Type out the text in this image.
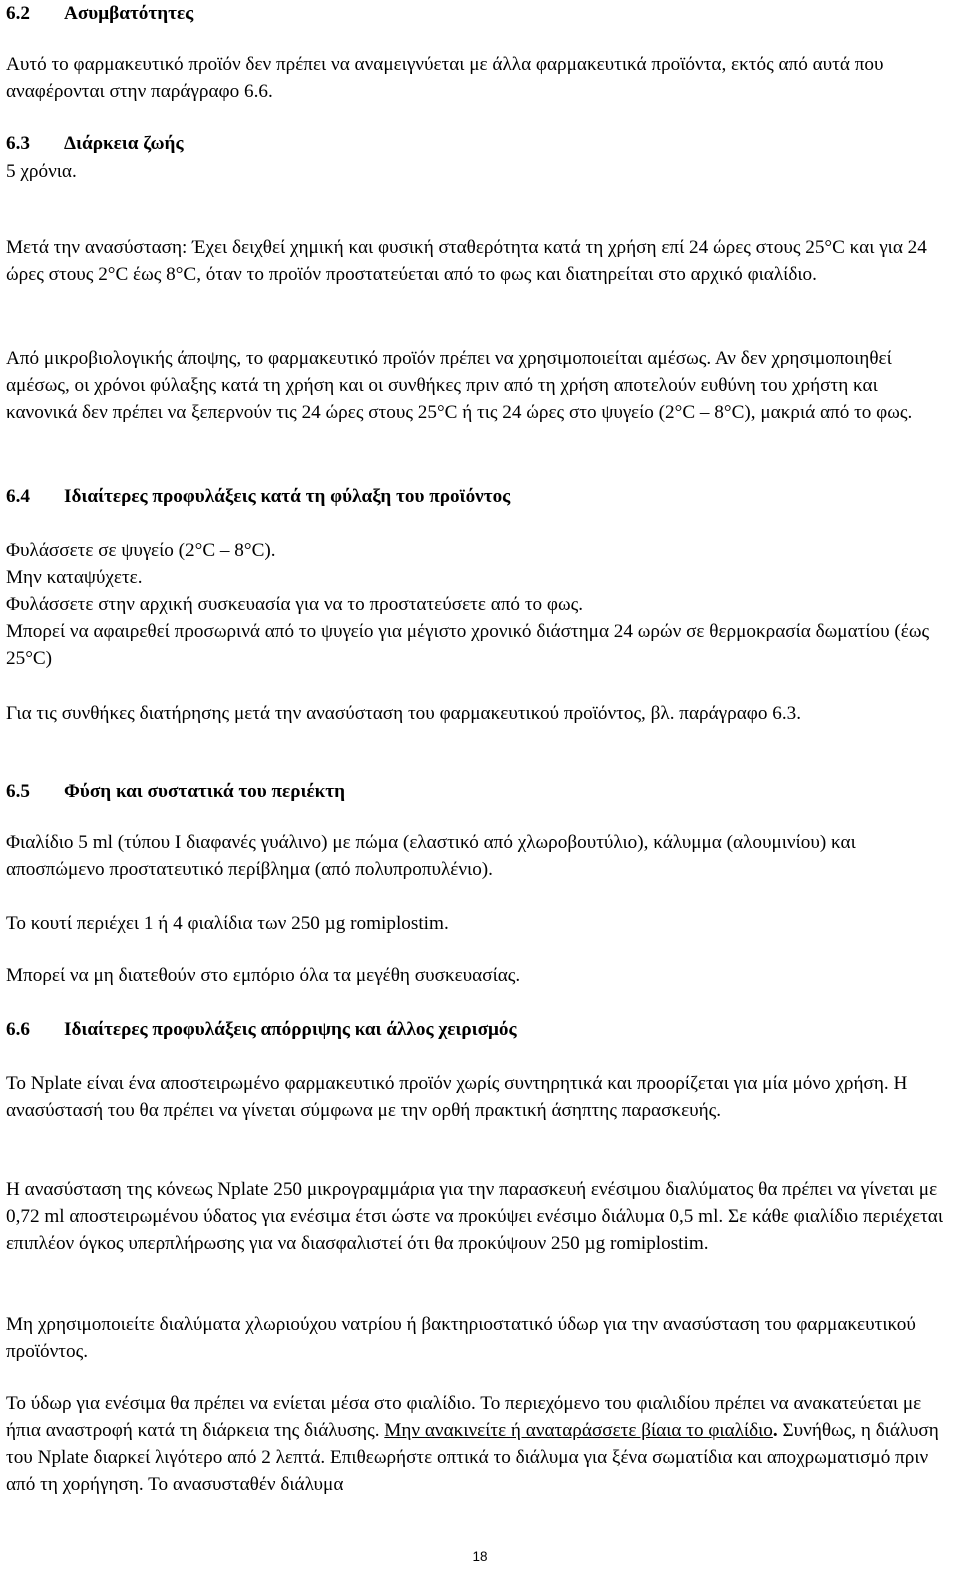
6.2 Ασυμβατότητες

Αυτό το φαρμακευτικό προϊόν δεν πρέπει να αναμειγνύεται με άλλα φαρμακευτικά προϊόντα, εκτός από αυτά που αναφέρονται στην παράγραφο 6.6.

6.3 Διάρκεια ζωής

5 χρόνια.

Μετά την ανασύσταση: Έχει δειχθεί χημική και φυσική σταθερότητα κατά τη χρήση επί 24 ώρες στους 25°C και για 24 ώρες στους 2°C έως 8°C, όταν το προϊόν προστατεύεται από το φως και διατηρείται στο αρχικό φιαλίδιο.

Από μικροβιολογικής άποψης, το φαρμακευτικό προϊόν πρέπει να χρησιμοποιείται αμέσως. Αν δεν χρησιμοποιηθεί αμέσως, οι χρόνοι φύλαξης κατά τη χρήση και οι συνθήκες πριν από τη χρήση αποτελούν ευθύνη του χρήστη και κανονικά δεν πρέπει να ξεπερνούν τις 24 ώρες στους 25°C ή τις 24 ώρες στο ψυγείο (2°C – 8°C), μακριά από το φως.

6.4 Ιδιαίτερες προφυλάξεις κατά τη φύλαξη του προϊόντος

Φυλάσσετε σε ψυγείο (2°C – 8°C).

Μην καταψύχετε.

Φυλάσσετε στην αρχική συσκευασία για να το προστατεύσετε από το φως.

Μπορεί να αφαιρεθεί προσωρινά από το ψυγείο για μέγιστο χρονικό διάστημα 24 ωρών σε θερμοκρασία δωματίου (έως 25°C)

Για τις συνθήκες διατήρησης μετά την ανασύσταση του φαρμακευτικού προϊόντος, βλ. παράγραφο 6.3.

6.5 Φύση και συστατικά του περιέκτη

Φιαλίδιο 5 ml (τύπου I διαφανές γυάλινο) με πώμα (ελαστικό από χλωροβουτύλιο), κάλυμμα (αλουμινίου) και αποσπώμενο προστατευτικό περίβλημα (από πολυπροπυλένιο).

Το κουτί περιέχει 1 ή 4 φιαλίδια των 250 µg romiplostim.

Μπορεί να μη διατεθούν στο εμπόριο όλα τα μεγέθη συσκευασίας.

6.6 Ιδιαίτερες προφυλάξεις απόρριψης και άλλος χειρισμός

Το Nplate είναι ένα αποστειρωμένο φαρμακευτικό προϊόν χωρίς συντηρητικά και προορίζεται για μία μόνο χρήση. Η ανασύστασή του θα πρέπει να γίνεται σύμφωνα με την ορθή πρακτική άσηπτης παρασκευής.

Η ανασύσταση της κόνεως Nplate 250 μικρογραμμάρια για την παρασκευή ενέσιμου διαλύματος θα πρέπει να γίνεται με 0,72 ml αποστειρωμένου ύδατος για ενέσιμα έτσι ώστε να προκύψει ενέσιμο διάλυμα 0,5 ml. Σε κάθε φιαλίδιο περιέχεται επιπλέον όγκος υπερπλήρωσης για να διασφαλιστεί ότι θα προκύψουν 250 µg romiplostim.

Μη χρησιμοποιείτε διαλύματα χλωριούχου νατρίου ή βακτηριοστατικό ύδωρ για την ανασύσταση του φαρμακευτικού προϊόντος.

Το ύδωρ για ενέσιμα θα πρέπει να ενίεται μέσα στο φιαλίδιο. Το περιεχόμενο του φιαλιδίου πρέπει να ανακατεύεται με ήπια αναστροφή κατά τη διάρκεια της διάλυσης. Μην ανακινείτε ή αναταράσσετε βίαια το φιαλίδιο. Συνήθως, η διάλυση του Nplate διαρκεί λιγότερο από 2 λεπτά. Επιθεωρήστε οπτικά το διάλυμα για ξένα σωματίδια και αποχρωματισμό πριν από τη χορήγηση. Το ανασυσταθέν διάλυμα

18
